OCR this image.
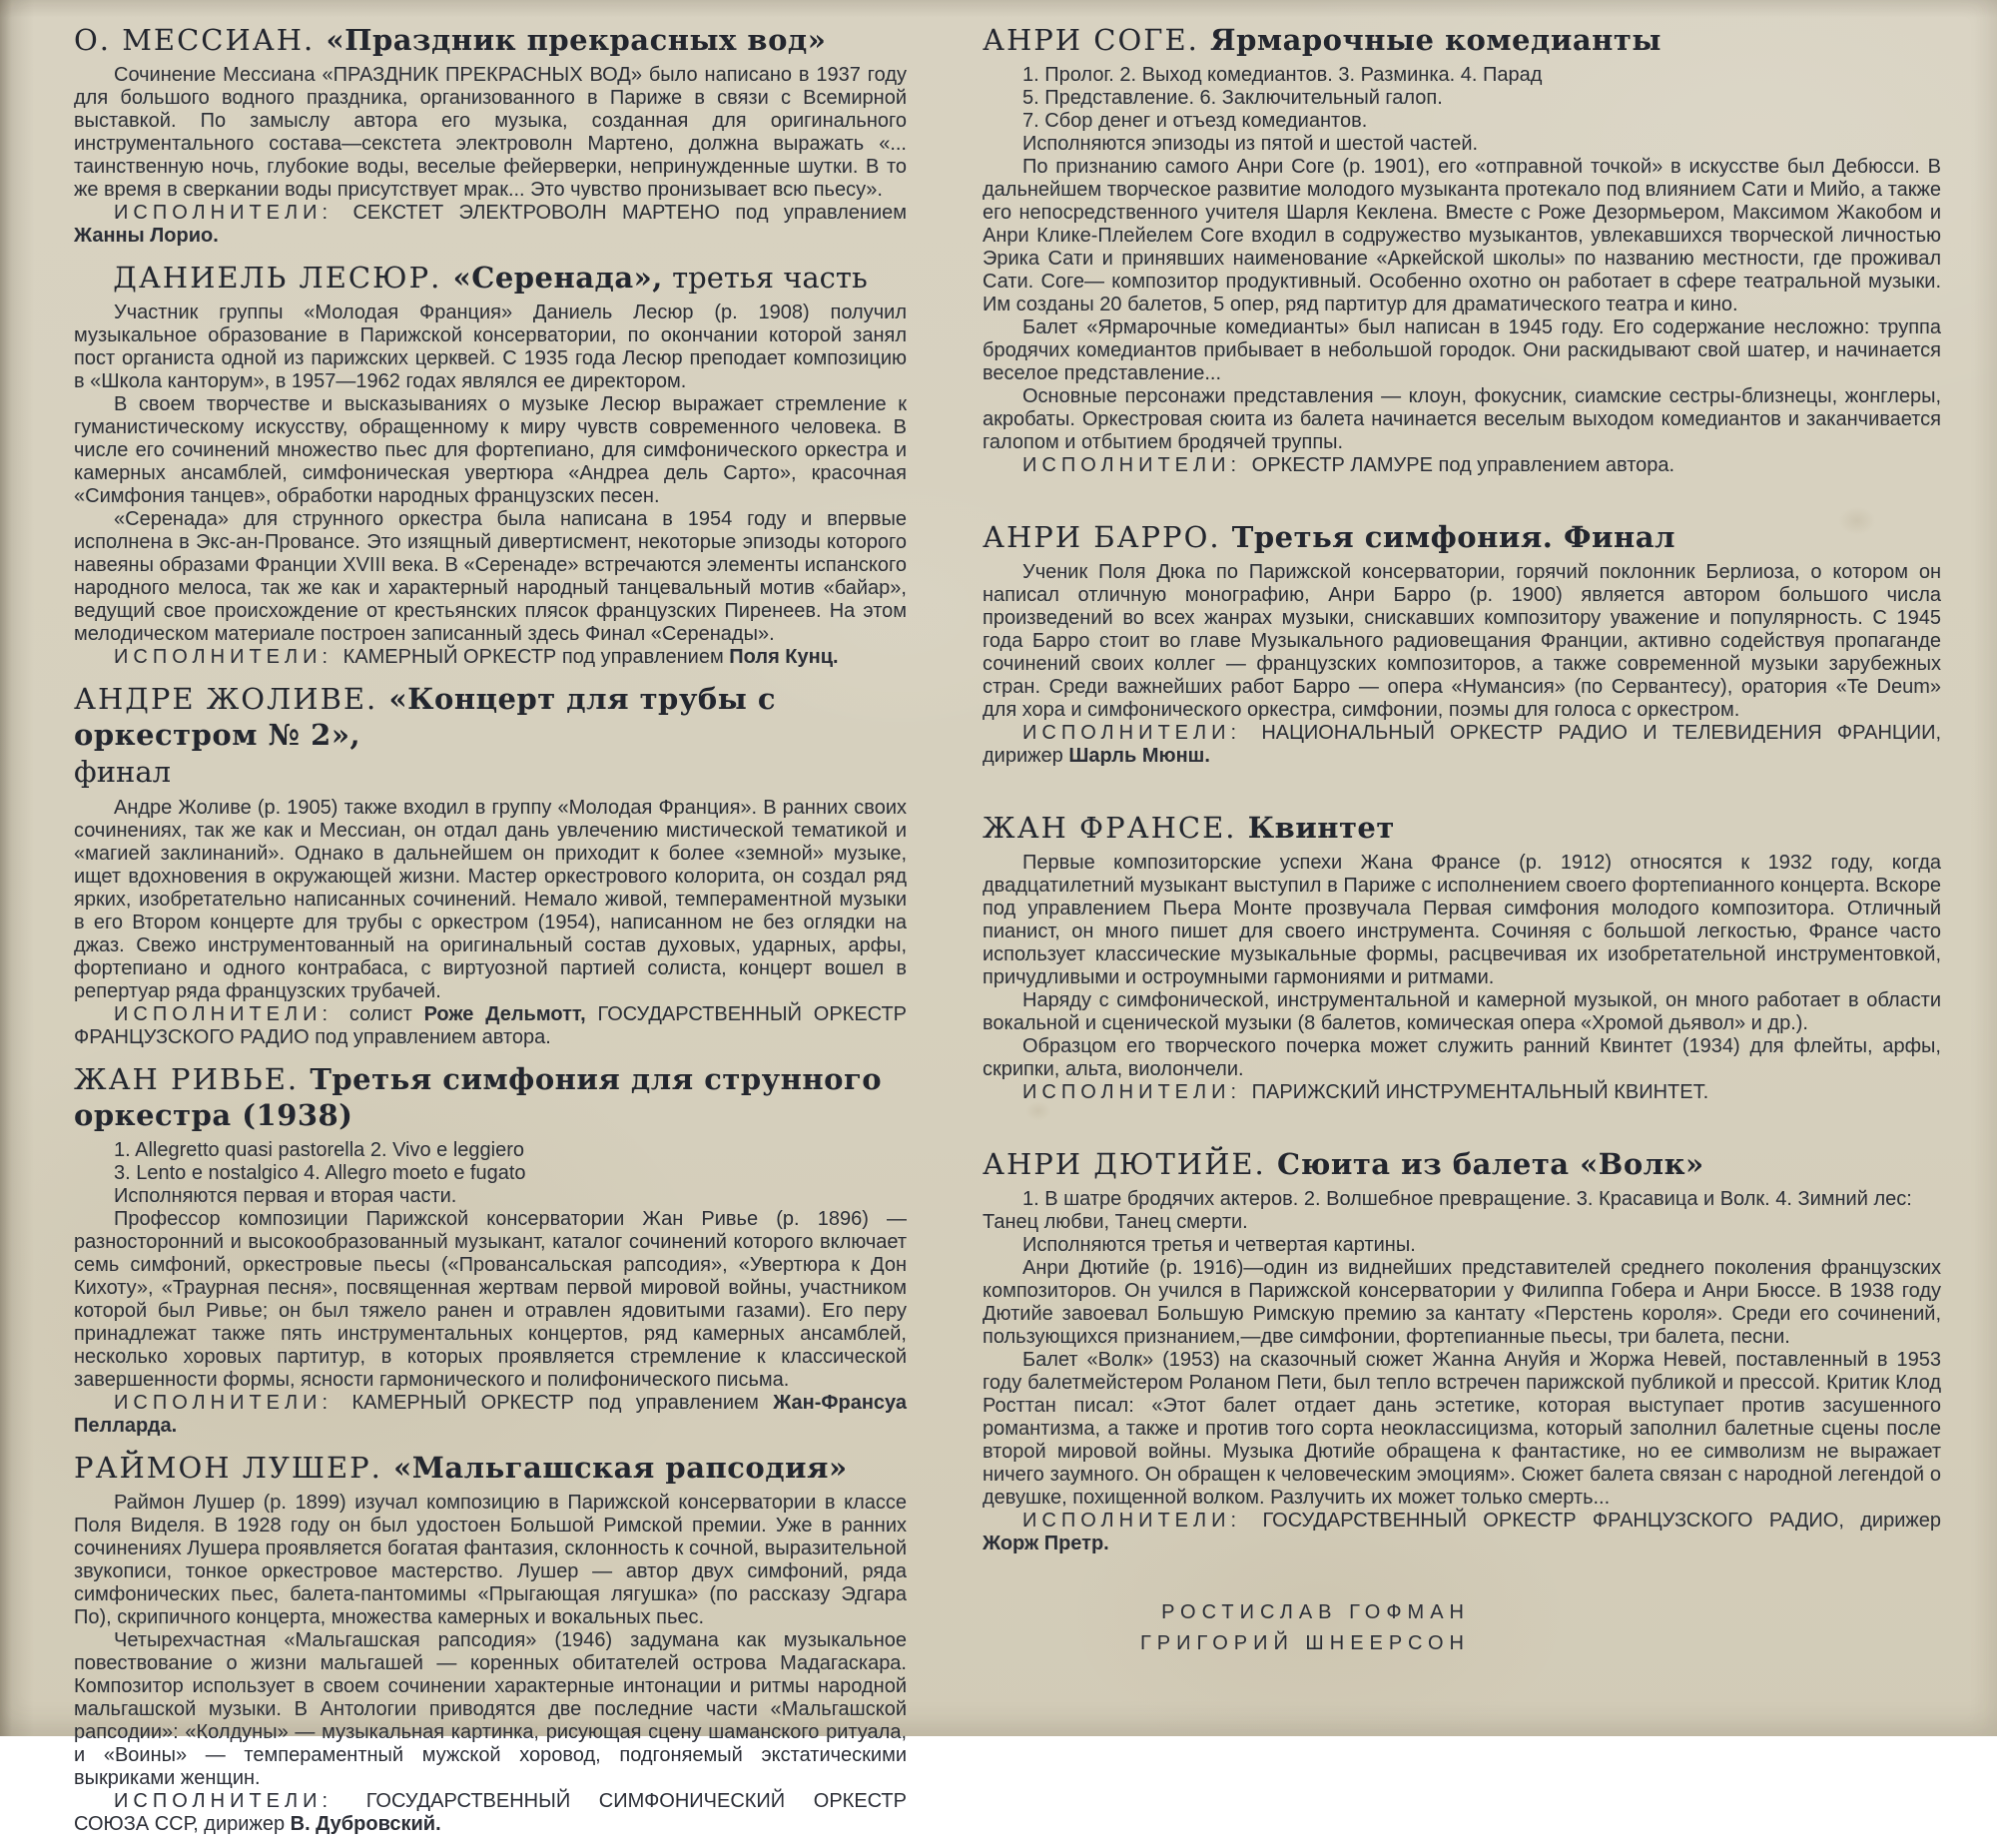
О. МЕССИАН. «Праздник прекрасных вод»

Сочинение Мессиана «ПРАЗДНИК ПРЕКРАСНЫХ ВОД» было написано в 1937 году для большого водного праздника, организованного в Париже в связи с Всемирной выставкой. По замыслу автора его музыка, созданная для оригинального инструментального состава—секстета электроволн Мартено, должна выражать «... таинственную ночь, глубокие воды, веселые фейерверки, непринужденные шутки. В то же время в сверкании воды присутствует мрак... Это чувство пронизывает всю пьесу».

ИСПОЛНИТЕЛИ: СЕКСТЕТ ЭЛЕКТРОВОЛН МАРТЕНО под управлением Жанны Лорио.

ДАНИЕЛЬ ЛЕСЮР. «Серенада», третья часть

Участник группы «Молодая Франция» Даниель Лесюр (р. 1908) получил музыкальное образование в Парижской консерватории, по окончании которой занял пост органиста одной из парижских церквей. С 1935 года Лесюр преподает композицию в «Школа канторум», в 1957—1962 годах являлся ее директором.

В своем творчестве и высказываниях о музыке Лесюр выражает стремление к гуманистическому искусству, обращенному к миру чувств современного человека. В числе его сочинений множество пьес для фортепиано, для симфонического оркестра и камерных ансамблей, симфоническая увертюра «Андреа дель Сарто», красочная «Симфония танцев», обработки народных французских песен.

«Серенада» для струнного оркестра была написана в 1954 году и впервые исполнена в Экс-ан-Провансе. Это изящный дивертисмент, некоторые эпизоды которого навеяны образами Франции XVIII века. В «Серенаде» встречаются элементы испанского народного мелоса, так же как и характерный народный танцевальный мотив «байар», ведущий свое происхождение от крестьянских плясок французских Пиренеев. На этом мелодическом материале построен записанный здесь Финал «Серенады».

ИСПОЛНИТЕЛИ: КАМЕРНЫЙ ОРКЕСТР под управлением Поля Кунц.

АНДРЕ ЖОЛИВЕ. «Концерт для трубы с оркестром № 2»,
финал

Андре Жоливе (р. 1905) также входил в группу «Молодая Франция». В ранних своих сочинениях, так же как и Мессиан, он отдал дань увлечению мистической тематикой и «магией заклинаний». Однако в дальнейшем он приходит к более «земной» музыке, ищет вдохновения в окружающей жизни. Мастер оркестрового колорита, он создал ряд ярких, изобретательно написанных сочинений. Немало живой, темпераментной музыки в его Втором концерте для трубы с оркестром (1954), написанном не без оглядки на джаз. Свежо инструментованный на оригинальный состав духовых, ударных, арфы, фортепиано и одного контрабаса, с виртуозной партией солиста, концерт вошел в репертуар ряда французских трубачей.

ИСПОЛНИТЕЛИ: солист Роже Дельмотт, ГОСУДАРСТВЕННЫЙ ОРКЕСТР ФРАНЦУЗСКОГО РАДИО под управлением автора.

ЖАН РИВЬЕ. Третья симфония для струнного оркестра (1938)
1. Allegretto quasi pastorella 2. Vivo e leggiero
3. Lento e nostalgico 4. Allegro moeto e fugato
Исполняются первая и вторая части.

Профессор композиции Парижской консерватории Жан Ривье (р. 1896) — разносторонний и высокообразованный музыкант, каталог сочинений которого включает семь симфоний, оркестровые пьесы («Провансальская рапсодия», «Увертюра к Дон Кихоту», «Траурная песня», посвященная жертвам первой мировой войны, участником которой был Ривье; он был тяжело ранен и отравлен ядовитыми газами). Его перу принадлежат также пять инструментальных концертов, ряд камерных ансамблей, несколько хоровых партитур, в которых проявляется стремление к классической завершенности формы, ясности гармонического и полифонического письма.

ИСПОЛНИТЕЛИ: КАМЕРНЫЙ ОРКЕСТР под управлением Жан-Франсуа Пелларда.

РАЙМОН ЛУШЕР. «Мальгашская рапсодия»

Раймон Лушер (р. 1899) изучал композицию в Парижской консерватории в классе Поля Виделя. В 1928 году он был удостоен Большой Римской премии. Уже в ранних сочинениях Лушера проявляется богатая фантазия, склонность к сочной, выразительной звукописи, тонкое оркестровое мастерство. Лушер — автор двух симфоний, ряда симфонических пьес, балета-пантомимы «Прыгающая лягушка» (по рассказу Эдгара По), скрипичного концерта, множества камерных и вокальных пьес.

Четырехчастная «Мальгашская рапсодия» (1946) задумана как музыкальное повествование о жизни мальгашей — коренных обитателей острова Мадагаскара. Композитор использует в своем сочинении характерные интонации и ритмы народной мальгашской музыки. В Антологии приводятся две последние части «Мальгашской рапсодии»: «Колдуны» — музыкальная картинка, рисующая сцену шаманского ритуала, и «Воины» — темпераментный мужской хоровод, подгоняемый экстатическими выкриками женщин.

ИСПОЛНИТЕЛИ: ГОСУДАРСТВЕННЫЙ СИМФОНИЧЕСКИЙ ОРКЕСТР СОЮЗА ССР, дирижер В. Дубровский.

АНРИ СОГЕ. Ярмарочные комедианты
1. Пролог. 2. Выход комедиантов. 3. Разминка. 4. Парад
5. Представление. 6. Заключительный галоп.
7. Сбор денег и отъезд комедиантов.
Исполняются эпизоды из пятой и шестой частей.

По признанию самого Анри Соге (р. 1901), его «отправной точкой» в искусстве был Дебюсси. В дальнейшем творческое развитие молодого музыканта протекало под влиянием Сати и Мийо, а также его непосредственного учителя Шарля Кеклена. Вместе с Роже Дезормьером, Максимом Жакобом и Анри Клике-Плейелем Соге входил в содружество музыкантов, увлекавшихся творческой личностью Эрика Сати и принявших наименование «Аркейской школы» по названию местности, где проживал Сати. Соге— композитор продуктивный. Особенно охотно он работает в сфере театральной музыки. Им созданы 20 балетов, 5 опер, ряд партитур для драматического театра и кино.

Балет «Ярмарочные комедианты» был написан в 1945 году. Его содержание несложно: труппа бродячих комедиантов прибывает в небольшой городок. Они раскидывают свой шатер, и начинается веселое представление...

Основные персонажи представления — клоун, фокусник, сиамские сестры-близнецы, жонглеры, акробаты. Оркестровая сюита из балета начинается веселым выходом комедиантов и заканчивается галопом и отбытием бродячей труппы.

ИСПОЛНИТЕЛИ: ОРКЕСТР ЛАМУРЕ под управлением автора.

АНРИ БАРРО. Третья симфония. Финал

Ученик Поля Дюка по Парижской консерватории, горячий поклонник Берлиоза, о котором он написал отличную монографию, Анри Барро (р. 1900) является автором большого числа произведений во всех жанрах музыки, снискавших композитору уважение и популярность. С 1945 года Барро стоит во главе Музыкального радиовещания Франции, активно содействуя пропаганде сочинений своих коллег — французских композиторов, а также современной музыки зарубежных стран. Среди важнейших работ Барро — опера «Нумансия» (по Сервантесу), оратория «Te Deum» для хора и симфонического оркестра, симфонии, поэмы для голоса с оркестром.

ИСПОЛНИТЕЛИ: НАЦИОНАЛЬНЫЙ ОРКЕСТР РАДИО И ТЕЛЕВИДЕНИЯ ФРАНЦИИ, дирижер Шарль Мюнш.

ЖАН ФРАНСЕ. Квинтет

Первые композиторские успехи Жана Франсе (р. 1912) относятся к 1932 году, когда двадцатилетний музыкант выступил в Париже с исполнением своего фортепианного концерта. Вскоре под управлением Пьера Монте прозвучала Первая симфония молодого композитора. Отличный пианист, он много пишет для своего инструмента. Сочиняя с большой легкостью, Франсе часто использует классические музыкальные формы, расцвечивая их изобретательной инструментовкой, причудливыми и остроумными гармониями и ритмами.

Наряду с симфонической, инструментальной и камерной музыкой, он много работает в области вокальной и сценической музыки (8 балетов, комическая опера «Хромой дьявол» и др.).

Образцом его творческого почерка может служить ранний Квинтет (1934) для флейты, арфы, скрипки, альта, виолончели.

ИСПОЛНИТЕЛИ: ПАРИЖСКИЙ ИНСТРУМЕНТАЛЬНЫЙ КВИНТЕТ.

АНРИ ДЮТИЙЕ. Сюита из балета «Волк»
1. В шатре бродячих актеров. 2. Волшебное превращение. 3. Красавица и Волк. 4. Зимний лес: Танец любви, Танец смерти.
Исполняются третья и четвертая картины.

Анри Дютийе (р. 1916)—один из виднейших представителей среднего поколения французских композиторов. Он учился в Парижской консерватории у Филиппа Гобера и Анри Бюссе. В 1938 году Дютийе завоевал Большую Римскую премию за кантату «Перстень короля». Среди его сочинений, пользующихся признанием,—две симфонии, фортепианные пьесы, три балета, песни.

Балет «Волк» (1953) на сказочный сюжет Жанна Ануйя и Жоржа Невей, поставленный в 1953 году балетмейстером Роланом Пети, был тепло встречен парижской публикой и прессой. Критик Клод Росттан писал: «Этот балет отдает дань эстетике, которая выступает против засушенного романтизма, а также и против того сорта неоклассицизма, который заполнил балетные сцены после второй мировой войны. Музыка Дютийе обращена к фантастике, но ее символизм не выражает ничего заумного. Он обращен к человеческим эмоциям». Сюжет балета связан с народной легендой о девушке, похищенной волком. Разлучить их может только смерть...

ИСПОЛНИТЕЛИ: ГОСУДАРСТВЕННЫЙ ОРКЕСТР ФРАНЦУЗСКОГО РАДИО, дирижер Жорж Претр.

РОСТИСЛАВ ГОФМАН
ГРИГОРИЙ ШНЕЕРСОН
